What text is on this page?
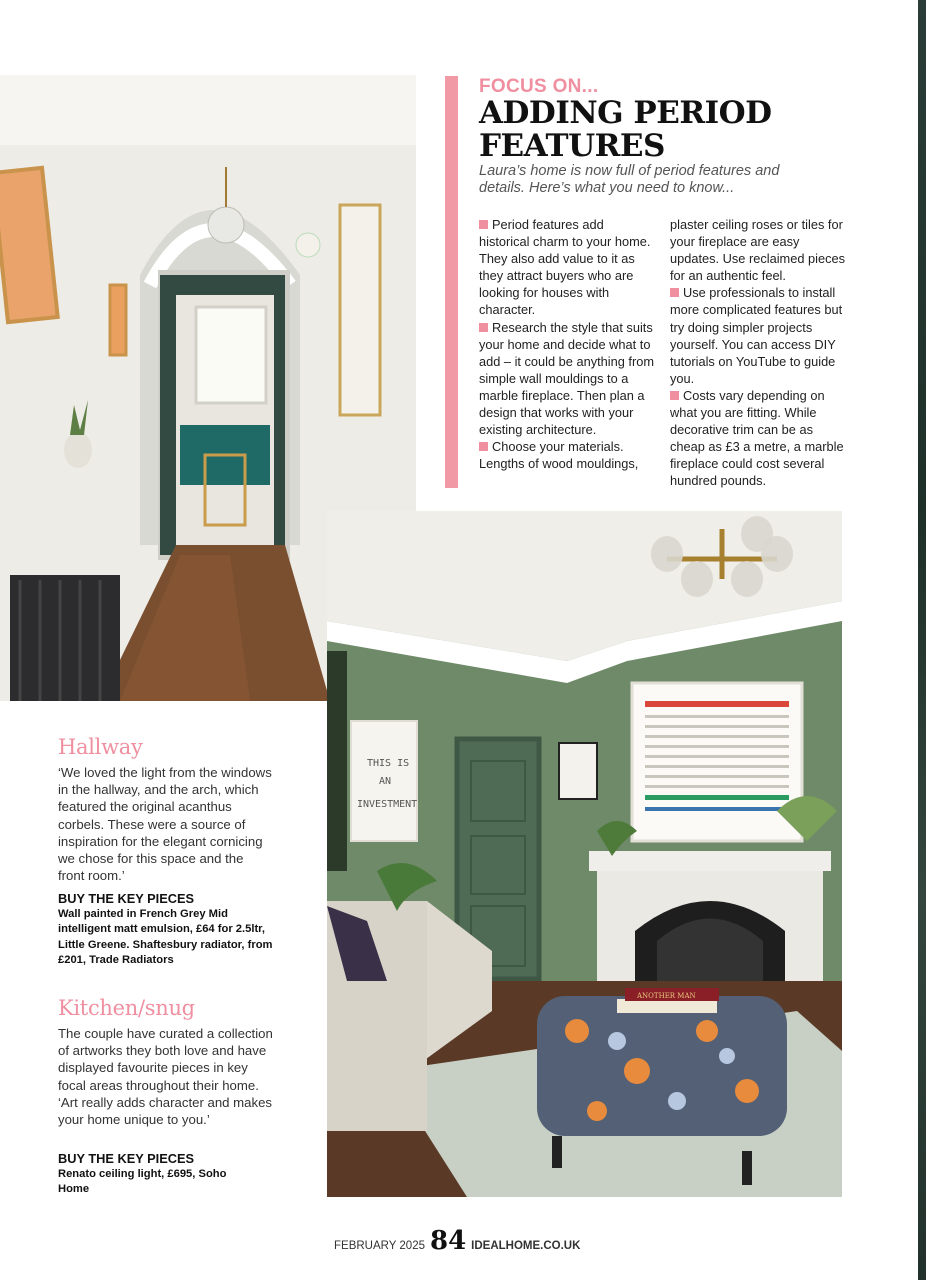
FOCUS ON...
ADDING PERIOD FEATURES
Laura’s home is now full of period features and details. Here’s what you need to know...

Period features add historical charm to your home. They also add value to it as they attract buyers who are looking for houses with character.

Research the style that suits your home and decide what to add – it could be anything from simple wall mouldings to a marble fireplace. Then plan a design that works with your existing architecture.

Choose your materials. Lengths of wood mouldings,

plaster ceiling roses or tiles for your fireplace are easy updates. Use reclaimed pieces for an authentic feel.

Use professionals to install more complicated features but try doing simpler projects yourself. You can access DIY tutorials on YouTube to guide you.

Costs vary depending on what you are fitting. While decorative trim can be as cheap as £3 a metre, a marble fireplace could cost several hundred pounds.

THIS IS
AN
INVESTMENT
ANOTHER MAN
Hallway
‘We loved the light from the windows in the hallway, and the arch, which featured the original acanthus corbels. These were a source of inspiration for the elegant cornicing we chose for this space and the front room.’
BUY THE KEY PIECES
Wall painted in French Grey Mid intelligent matt emulsion, £64 for 2.5ltr, Little Greene. Shaftesbury radiator, from £201, Trade Radiators
Kitchen/snug
The couple have curated a collection of artworks they both love and have displayed favourite pieces in key focal areas throughout their home. ‘Art really adds character and makes your home unique to you.’
BUY THE KEY PIECES
Renato ceiling light, £695, Soho Home
FEBRUARY 2025 84 IDEALHOME.CO.UK
